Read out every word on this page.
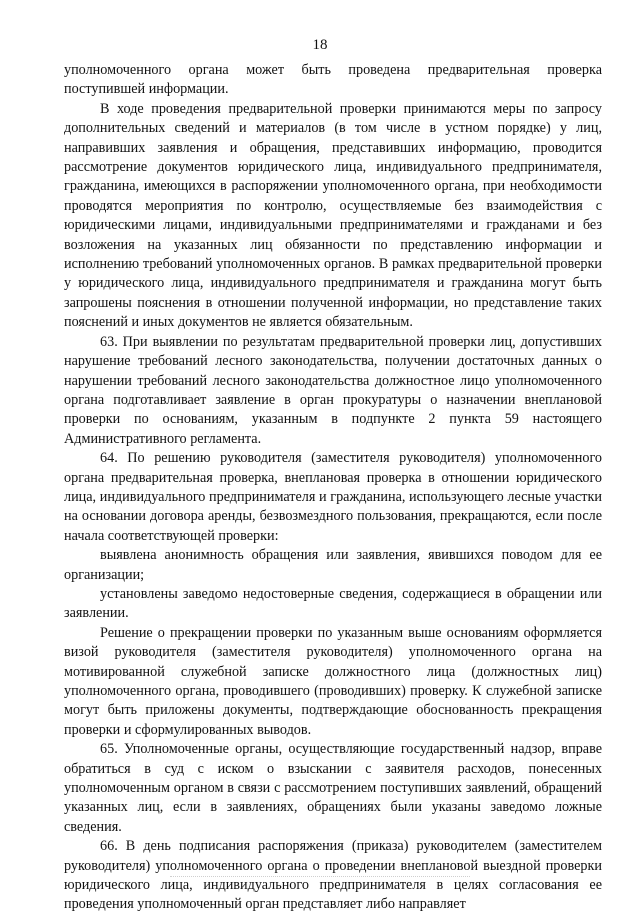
18

уполномоченного органа может быть проведена предварительная проверка поступившей информации.

В ходе проведения предварительной проверки принимаются меры по запросу дополнительных сведений и материалов (в том числе в устном порядке) у лиц, направивших заявления и обращения, представивших информацию, проводится рассмотрение документов юридического лица, индивидуального предпринимателя, гражданина, имеющихся в распоряжении уполномоченного органа, при необходимости проводятся мероприятия по контролю, осуществляемые без взаимодействия с юридическими лицами, индивидуальными предпринимателями и гражданами и без возложения на указанных лиц обязанности по представлению информации и исполнению требований уполномоченных органов. В рамках предварительной проверки у юридического лица, индивидуального предпринимателя и гражданина могут быть запрошены пояснения в отношении полученной информации, но представление таких пояснений и иных документов не является обязательным.

63. При выявлении по результатам предварительной проверки лиц, допустивших нарушение требований лесного законодательства, получении достаточных данных о нарушении требований лесного законодательства должностное лицо уполномоченного органа подготавливает заявление в орган прокуратуры о назначении внеплановой проверки по основаниям, указанным в подпункте 2 пункта 59 настоящего Административного регламента.

64. По решению руководителя (заместителя руководителя) уполномоченного органа предварительная проверка, внеплановая проверка в отношении юридического лица, индивидуального предпринимателя и гражданина, использующего лесные участки на основании договора аренды, безвозмездного пользования, прекращаются, если после начала соответствующей проверки:

выявлена анонимность обращения или заявления, явившихся поводом для ее организации;

установлены заведомо недостоверные сведения, содержащиеся в обращении или заявлении.

Решение о прекращении проверки по указанным выше основаниям оформляется визой руководителя (заместителя руководителя) уполномоченного органа на мотивированной служебной записке должностного лица (должностных лиц) уполномоченного органа, проводившего (проводивших) проверку. К служебной записке могут быть приложены документы, подтверждающие обоснованность прекращения проверки и сформулированных выводов.

65. Уполномоченные органы, осуществляющие государственный надзор, вправе обратиться в суд с иском о взыскании с заявителя расходов, понесенных уполномоченным органом в связи с рассмотрением поступивших заявлений, обращений указанных лиц, если в заявлениях, обращениях были указаны заведомо ложные сведения.

66. В день подписания распоряжения (приказа) руководителем (заместителем руководителя) уполномоченного органа о проведении внеплановой выездной проверки юридического лица, индивидуального предпринимателя в целях согласования ее проведения уполномоченный орган представляет либо направляет
